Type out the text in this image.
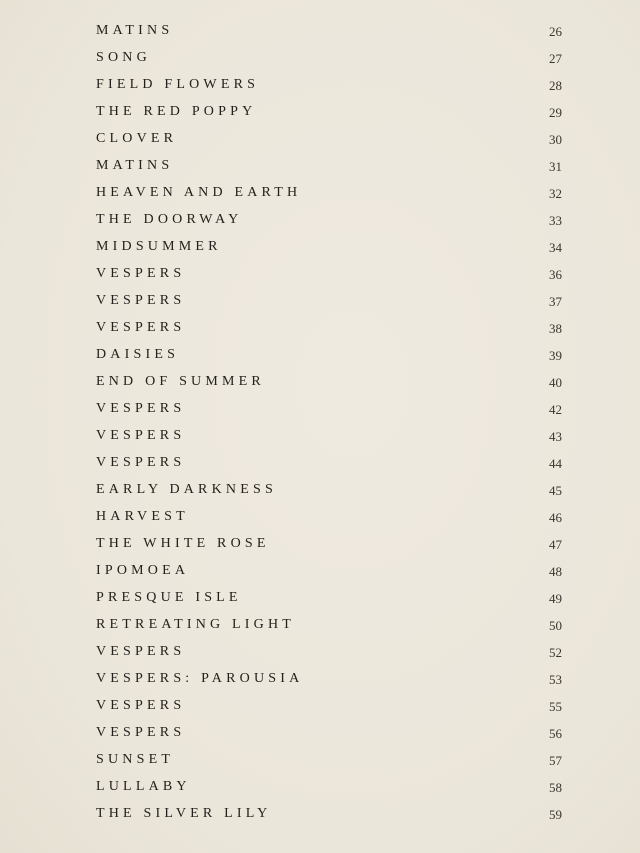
MATINS	26
SONG	27
FIELD FLOWERS	28
THE RED POPPY	29
CLOVER	30
MATINS	31
HEAVEN AND EARTH	32
THE DOORWAY	33
MIDSUMMER	34
VESPERS	36
VESPERS	37
VESPERS	38
DAISIES	39
END OF SUMMER	40
VESPERS	42
VESPERS	43
VESPERS	44
EARLY DARKNESS	45
HARVEST	46
THE WHITE ROSE	47
IPOMOEA	48
PRESQUE ISLE	49
RETREATING LIGHT	50
VESPERS	52
VESPERS: PAROUSIA	53
VESPERS	55
VESPERS	56
SUNSET	57
LULLABY	58
THE SILVER LILY	59
